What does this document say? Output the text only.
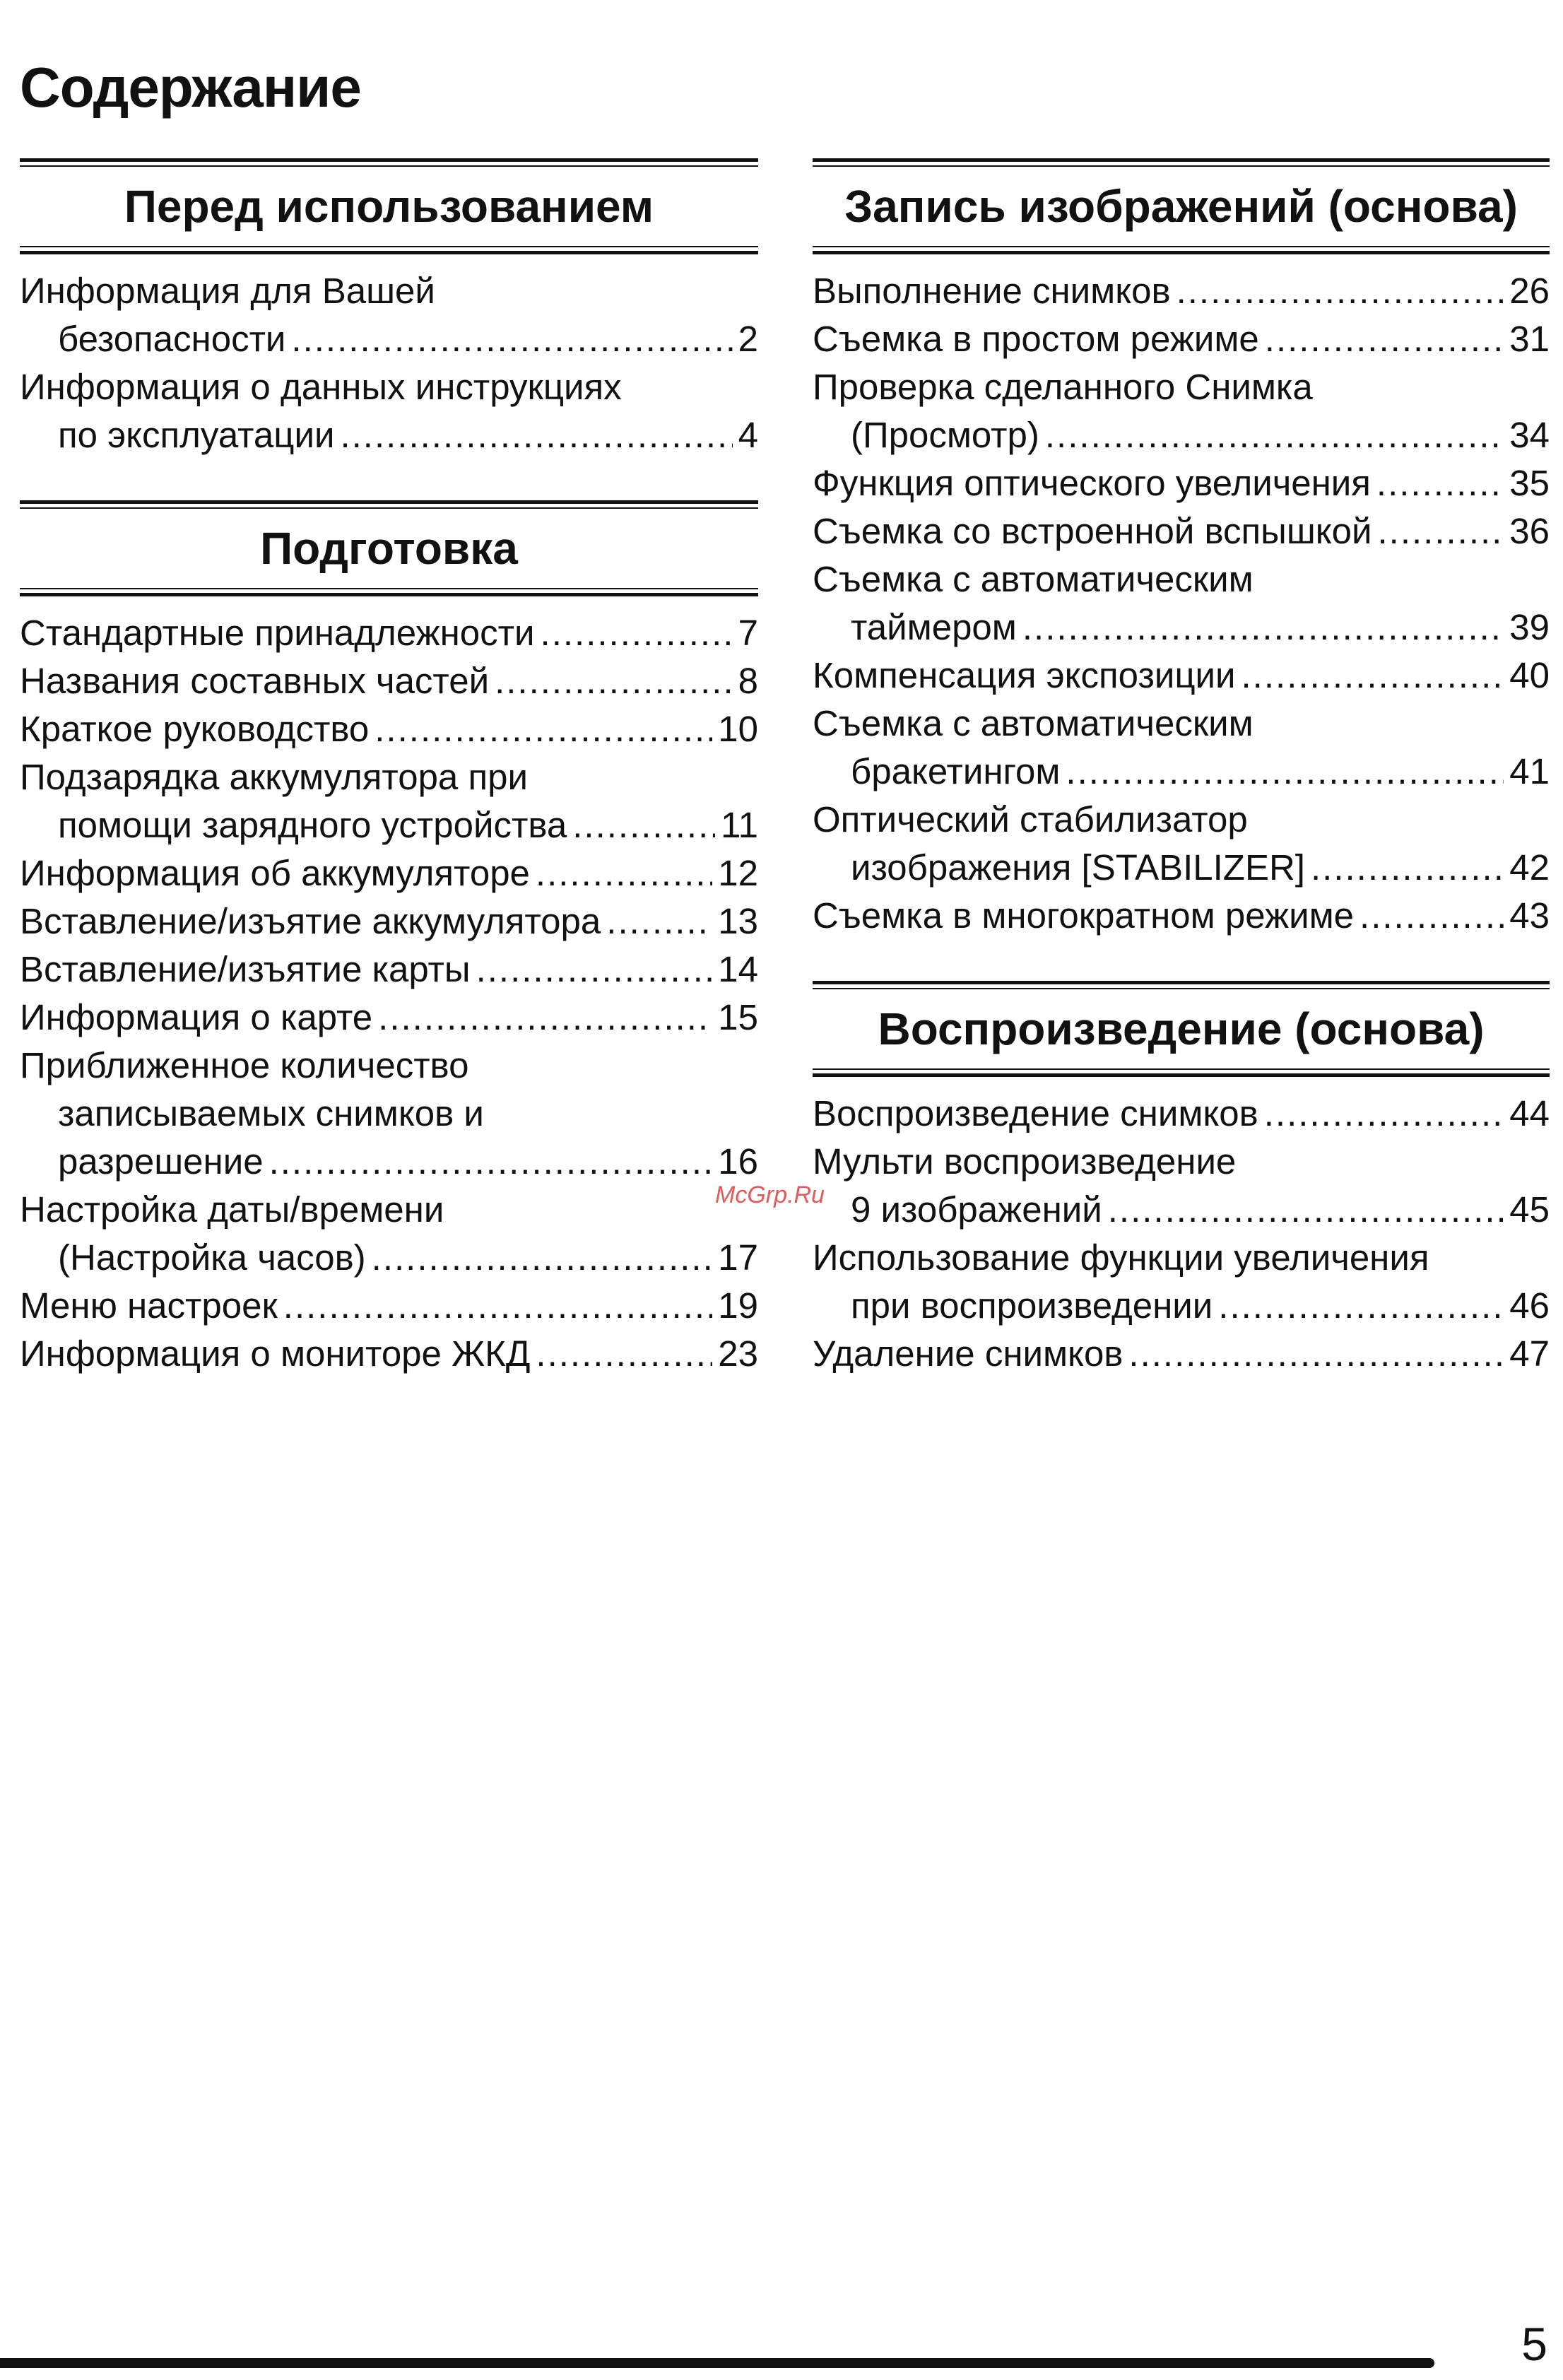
Содержание
Перед использованием
Информация для Вашей
безопасности .....	2
Информация о данных инструкциях
по эксплуатации .....	4
Подготовка
Стандартные принадлежности .....	7
Названия составных частей .....	8
Краткое руководство .....	10
Подзарядка аккумулятора при
помощи зарядного устройства .....	11
Информация об аккумуляторе .....	12
Вставление/изъятие аккумулятора .....	13
Вставление/изъятие карты .....	14
Информация о карте .....	15
Приближенное количество
записываемых снимков и
разрешение .....	16
Настройка даты/времени
(Настройка часов) .....	17
Меню настроек .....	19
Информация о мониторе ЖКД .....	23
Запись изображений (основа)
Выполнение снимков .....	26
Съемка в простом режиме .....	31
Проверка сделанного Снимка
(Просмотр) .....	34
Функция оптического увеличения .....	35
Съемка со встроенной вспышкой .....	36
Съемка с автоматическим
таймером .....	39
Компенсация экспозиции .....	40
Съемка с автоматическим
бракетингом .....	41
Оптический стабилизатор
изображения [STABILIZER] .....	42
Съемка в многократном режиме .....	43
Воспроизведение (основа)
Воспроизведение снимков .....	44
Мульти воспроизведение
9 изображений .....	45
Использование функции увеличения
при воспроизведении .....	46
Удаление снимков .....	47
McGrp.Ru
5
